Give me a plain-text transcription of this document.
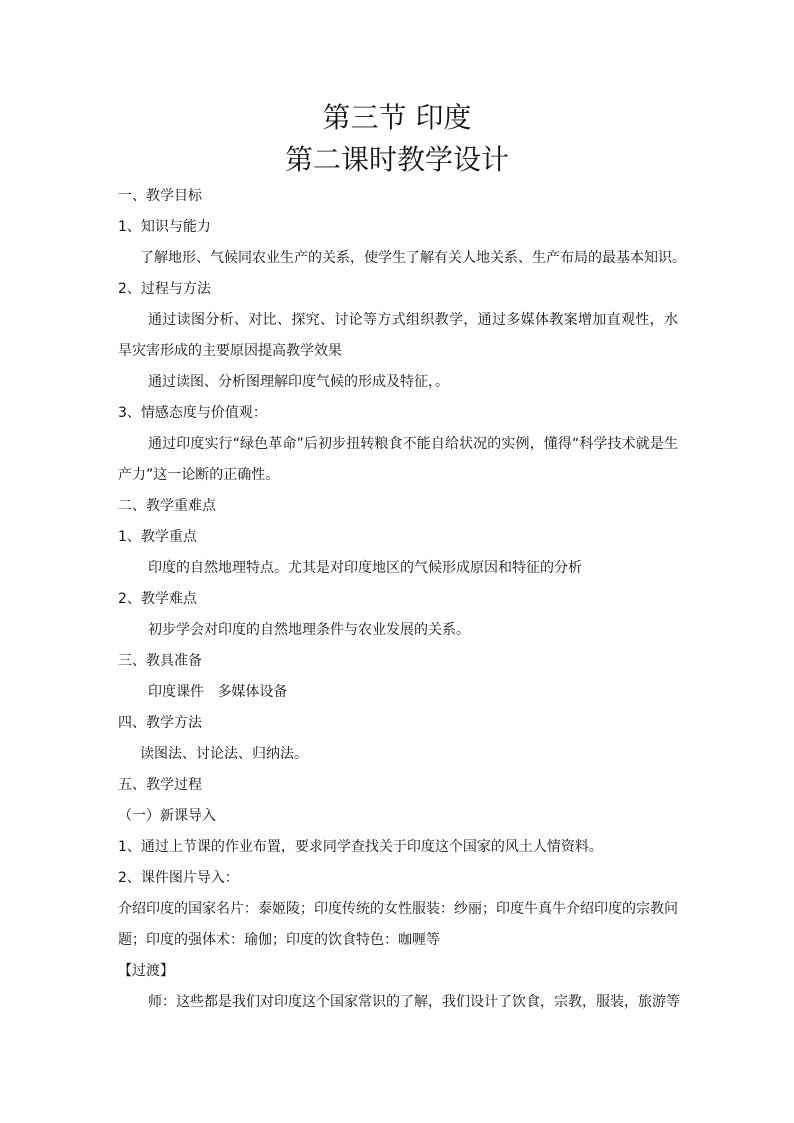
第三节 印度
第二课时教学设计
一、教学目标
1、知识与能力
了解地形、气候同农业生产的关系，使学生了解有关人地关系、生产布局的最基本知识。
2、过程与方法
通过读图分析、对比、探究、讨论等方式组织教学，通过多媒体教案增加直观性，水旱灾害形成的主要原因提高教学效果
通过读图、分析图理解印度气候的形成及特征，。
3、情感态度与价值观：
通过印度实行“绿色革命”后初步扭转粮食不能自给状况的实例，懂得“科学技术就是生产力”这一论断的正确性。
二、教学重难点
1、教学重点
印度的自然地理特点。尤其是对印度地区的气候形成原因和特征的分析
2、教学难点
初步学会对印度的自然地理条件与农业发展的关系。
三、教具准备
印度课件   多媒体设备
四、教学方法
读图法、讨论法、归纳法。
五、教学过程
（一）新课导入
1、通过上节课的作业布置，要求同学查找关于印度这个国家的风土人情资料。
2、课件图片导入：
介绍印度的国家名片：泰姬陵；印度传统的女性服装：纱丽；印度牛真牛介绍印度的宗教问题；印度的强体术：瑜伽；印度的饮食特色：咖喱等
【过渡】
师：这些都是我们对印度这个国家常识的了解，我们设计了饮食，宗教，服装，旅游等
